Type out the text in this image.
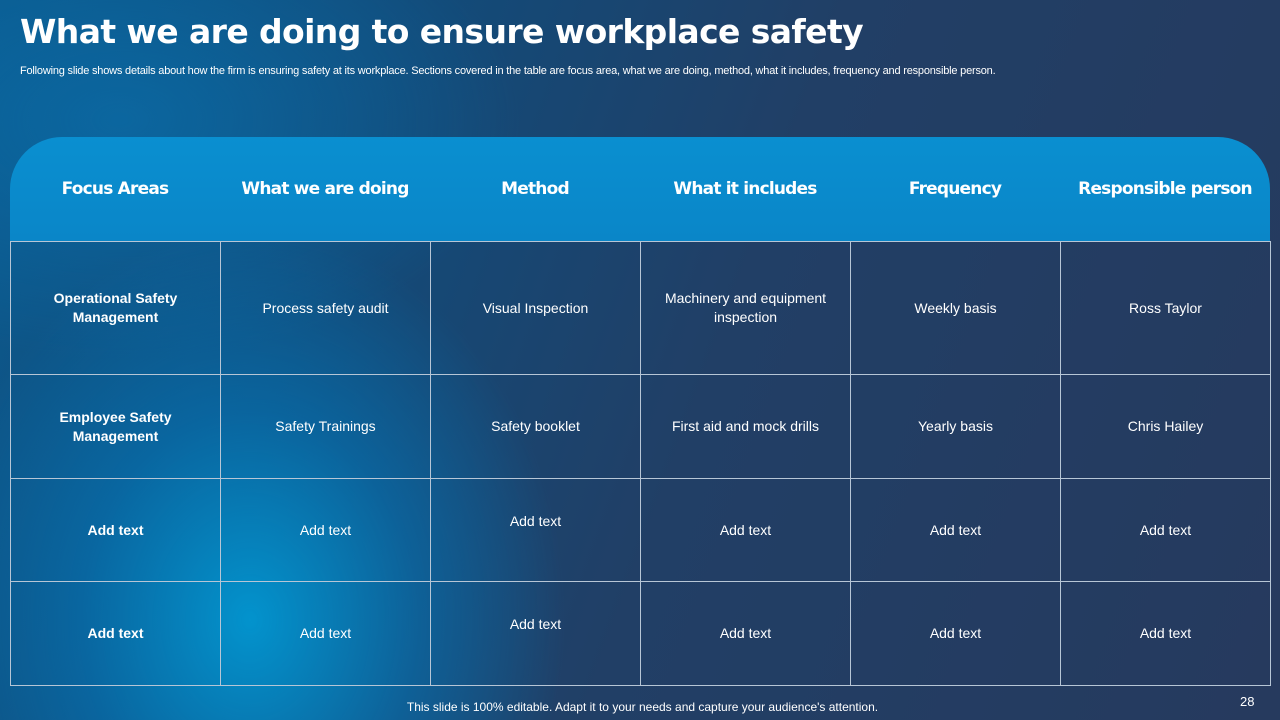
What we are doing to ensure workplace safety

Following slide shows details about how the firm is ensuring safety at its workplace. Sections covered in the table are focus area, what we are doing, method, what it includes, frequency and responsible person.

Focus Areas	What we are doing	Method	What it includes	Frequency	Responsible person
Operational Safety Management	Process safety audit	Visual Inspection	Machinery and equipment inspection	Weekly basis	Ross Taylor
Employee Safety Management	Safety Trainings	Safety booklet	First aid and mock drills	Yearly basis	Chris Hailey
Add text	Add text	Add text	Add text	Add text	Add text
Add text	Add text	Add text	Add text	Add text	Add text
This slide is 100% editable. Adapt it to your needs and capture your audience's attention.	28
